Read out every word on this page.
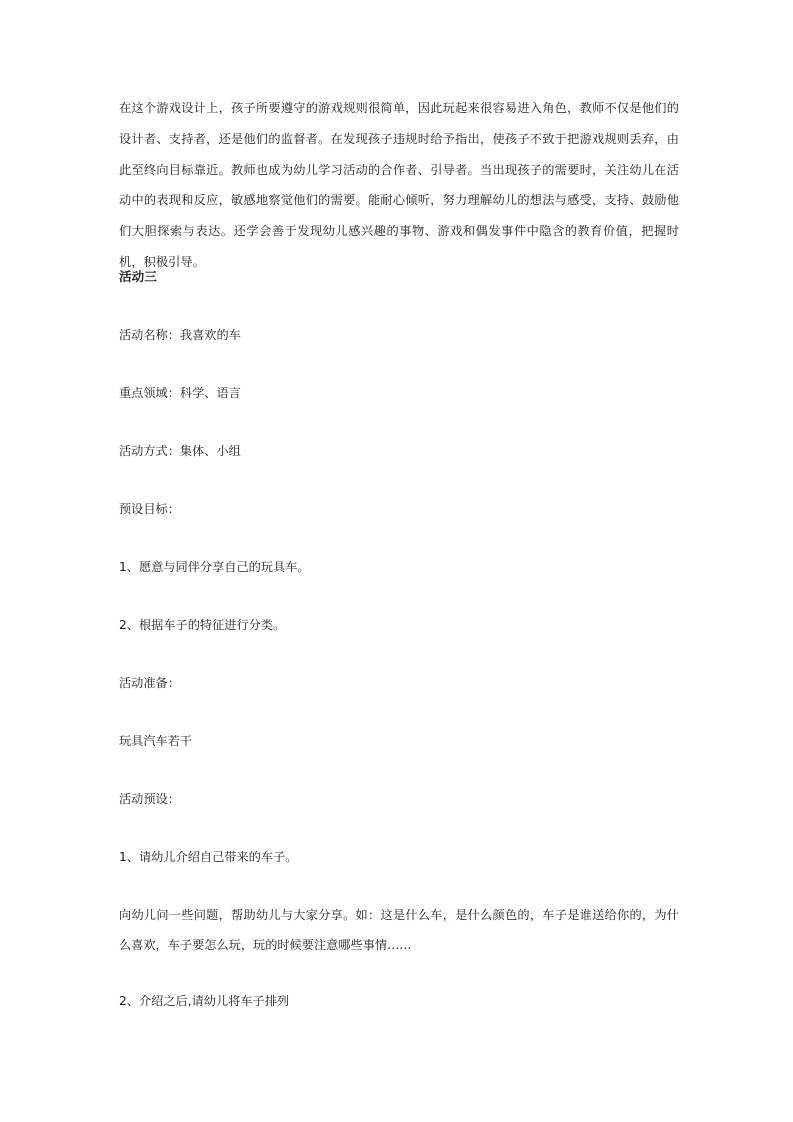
在这个游戏设计上，孩子所要遵守的游戏规则很简单，因此玩起来很容易进入角色，教师不仅是他们的设计者、支持者，还是他们的监督者。在发现孩子违规时给予指出，使孩子不致于把游戏规则丢弃，由此至终向目标靠近。教师也成为幼儿学习活动的合作者、引导者。当出现孩子的需要时，关注幼儿在活动中的表现和反应，敏感地察觉他们的需要。能耐心倾听，努力理解幼儿的想法与感受，支持、鼓励他们大胆探索与表达。还学会善于发现幼儿感兴趣的事物、游戏和偶发事件中隐含的教育价值，把握时机，积极引导。

活动三

活动名称：我喜欢的车

重点领域：科学、语言

活动方式：集体、小组

预设目标：

1、愿意与同伴分享自己的玩具车。

2、根据车子的特征进行分类。

活动准备：

玩具汽车若干

活动预设：

1、请幼儿介绍自己带来的车子。

向幼儿问一些问题，帮助幼儿与大家分享。如：这是什么车，是什么颜色的，车子是谁送给你的，为什么喜欢，车子要怎么玩，玩的时候要注意哪些事情……

2、介绍之后,请幼儿将车子排列
